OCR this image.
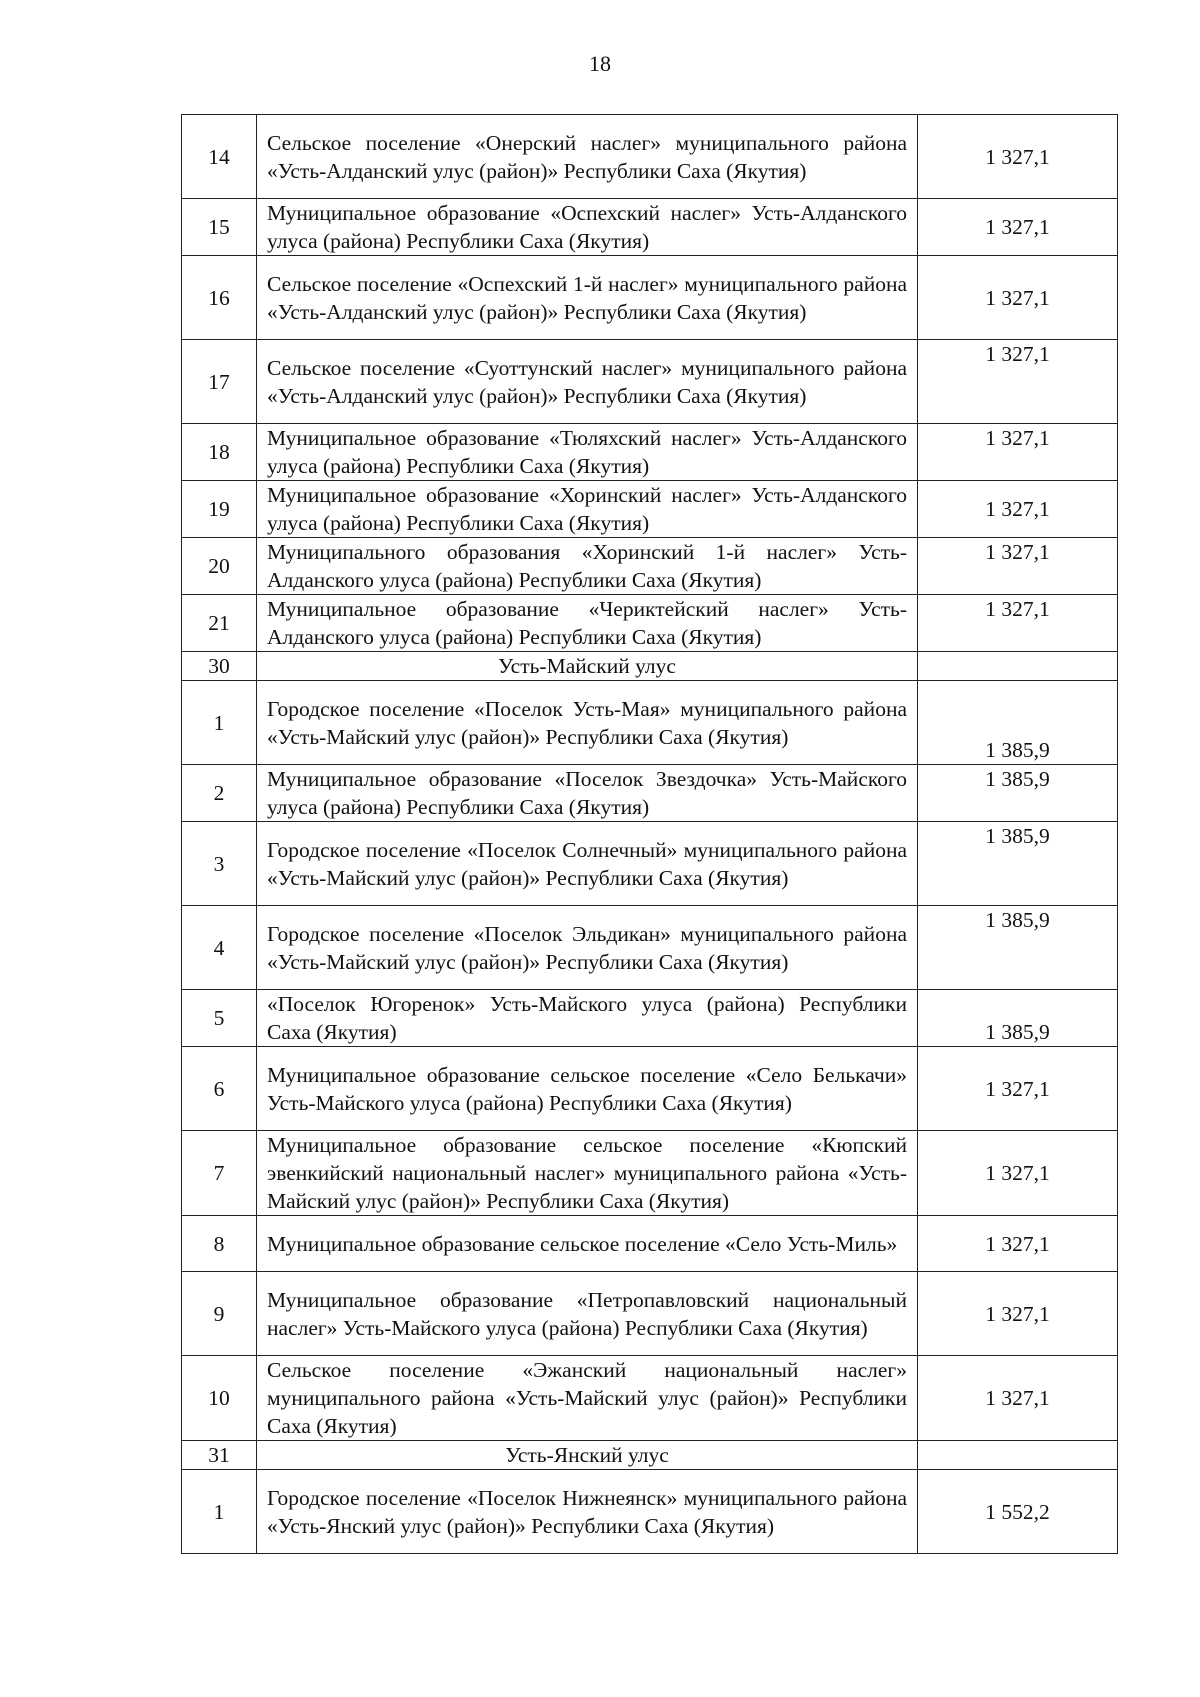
18
14	Сельское поселение «Онерский наслег» муниципального района «Усть-Алданский улус (район)» Республики Саха (Якутия)	1 327,1
15	Муниципальное образование «Оспехский наслег» Усть-Алданского улуса (района) Республики Саха (Якутия)	1 327,1
16	Сельское поселение «Оспехский 1-й наслег» муниципального района «Усть-Алданский улус (район)» Республики Саха (Якутия)	1 327,1
17	Сельское поселение «Суоттунский наслег» муниципального района «Усть-Алданский улус (район)» Республики Саха (Якутия)	1 327,1
18	Муниципальное образование «Тюляхский наслег» Усть-Алданского улуса (района) Республики Саха (Якутия)	1 327,1
19	Муниципальное образование «Хоринский наслег» Усть-Алданского улуса (района) Республики Саха (Якутия)	1 327,1
20	Муниципального образования «Хоринский 1-й наслег» Усть-Алданского улуса (района) Республики Саха (Якутия)	1 327,1
21	Муниципальное образование «Чериктейский наслег» Усть-Алданского улуса (района) Республики Саха (Якутия)	1 327,1
30	Усть-Майский улус	
1	Городское поселение «Поселок Усть-Мая» муниципального района «Усть-Майский улус (район)» Республики Саха (Якутия)	1 385,9
2	Муниципальное образование «Поселок Звездочка» Усть-Майского улуса (района) Республики Саха (Якутия)	1 385,9
3	Городское поселение «Поселок Солнечный» муниципального района «Усть-Майский улус (район)» Республики Саха (Якутия)	1 385,9
4	Городское поселение «Поселок Эльдикан» муниципального района «Усть-Майский улус (район)» Республики Саха (Якутия)	1 385,9
5	«Поселок Югоренок» Усть-Майского улуса (района) Республики Саха (Якутия)	1 385,9
6	Муниципальное образование сельское поселение «Село Белькачи» Усть-Майского улуса (района) Республики Саха (Якутия)	1 327,1
7	Муниципальное образование сельское поселение «Кюпский эвенкийский национальный наслег» муниципального района «Усть-Майский улус (район)» Республики Саха (Якутия)	1 327,1
8	Муниципальное образование сельское поселение «Село Усть-Миль»	1 327,1
9	Муниципальное образование «Петропавловский национальный наслег» Усть-Майского улуса (района) Республики Саха (Якутия)	1 327,1
10	Сельское поселение «Эжанский национальный наслег» муниципального района «Усть-Майский улус (район)» Республики Саха (Якутия)	1 327,1
31	Усть-Янский улус	
1	Городское поселение «Поселок Нижнеянск» муниципального района «Усть-Янский улус (район)» Республики Саха (Якутия)	1 552,2
